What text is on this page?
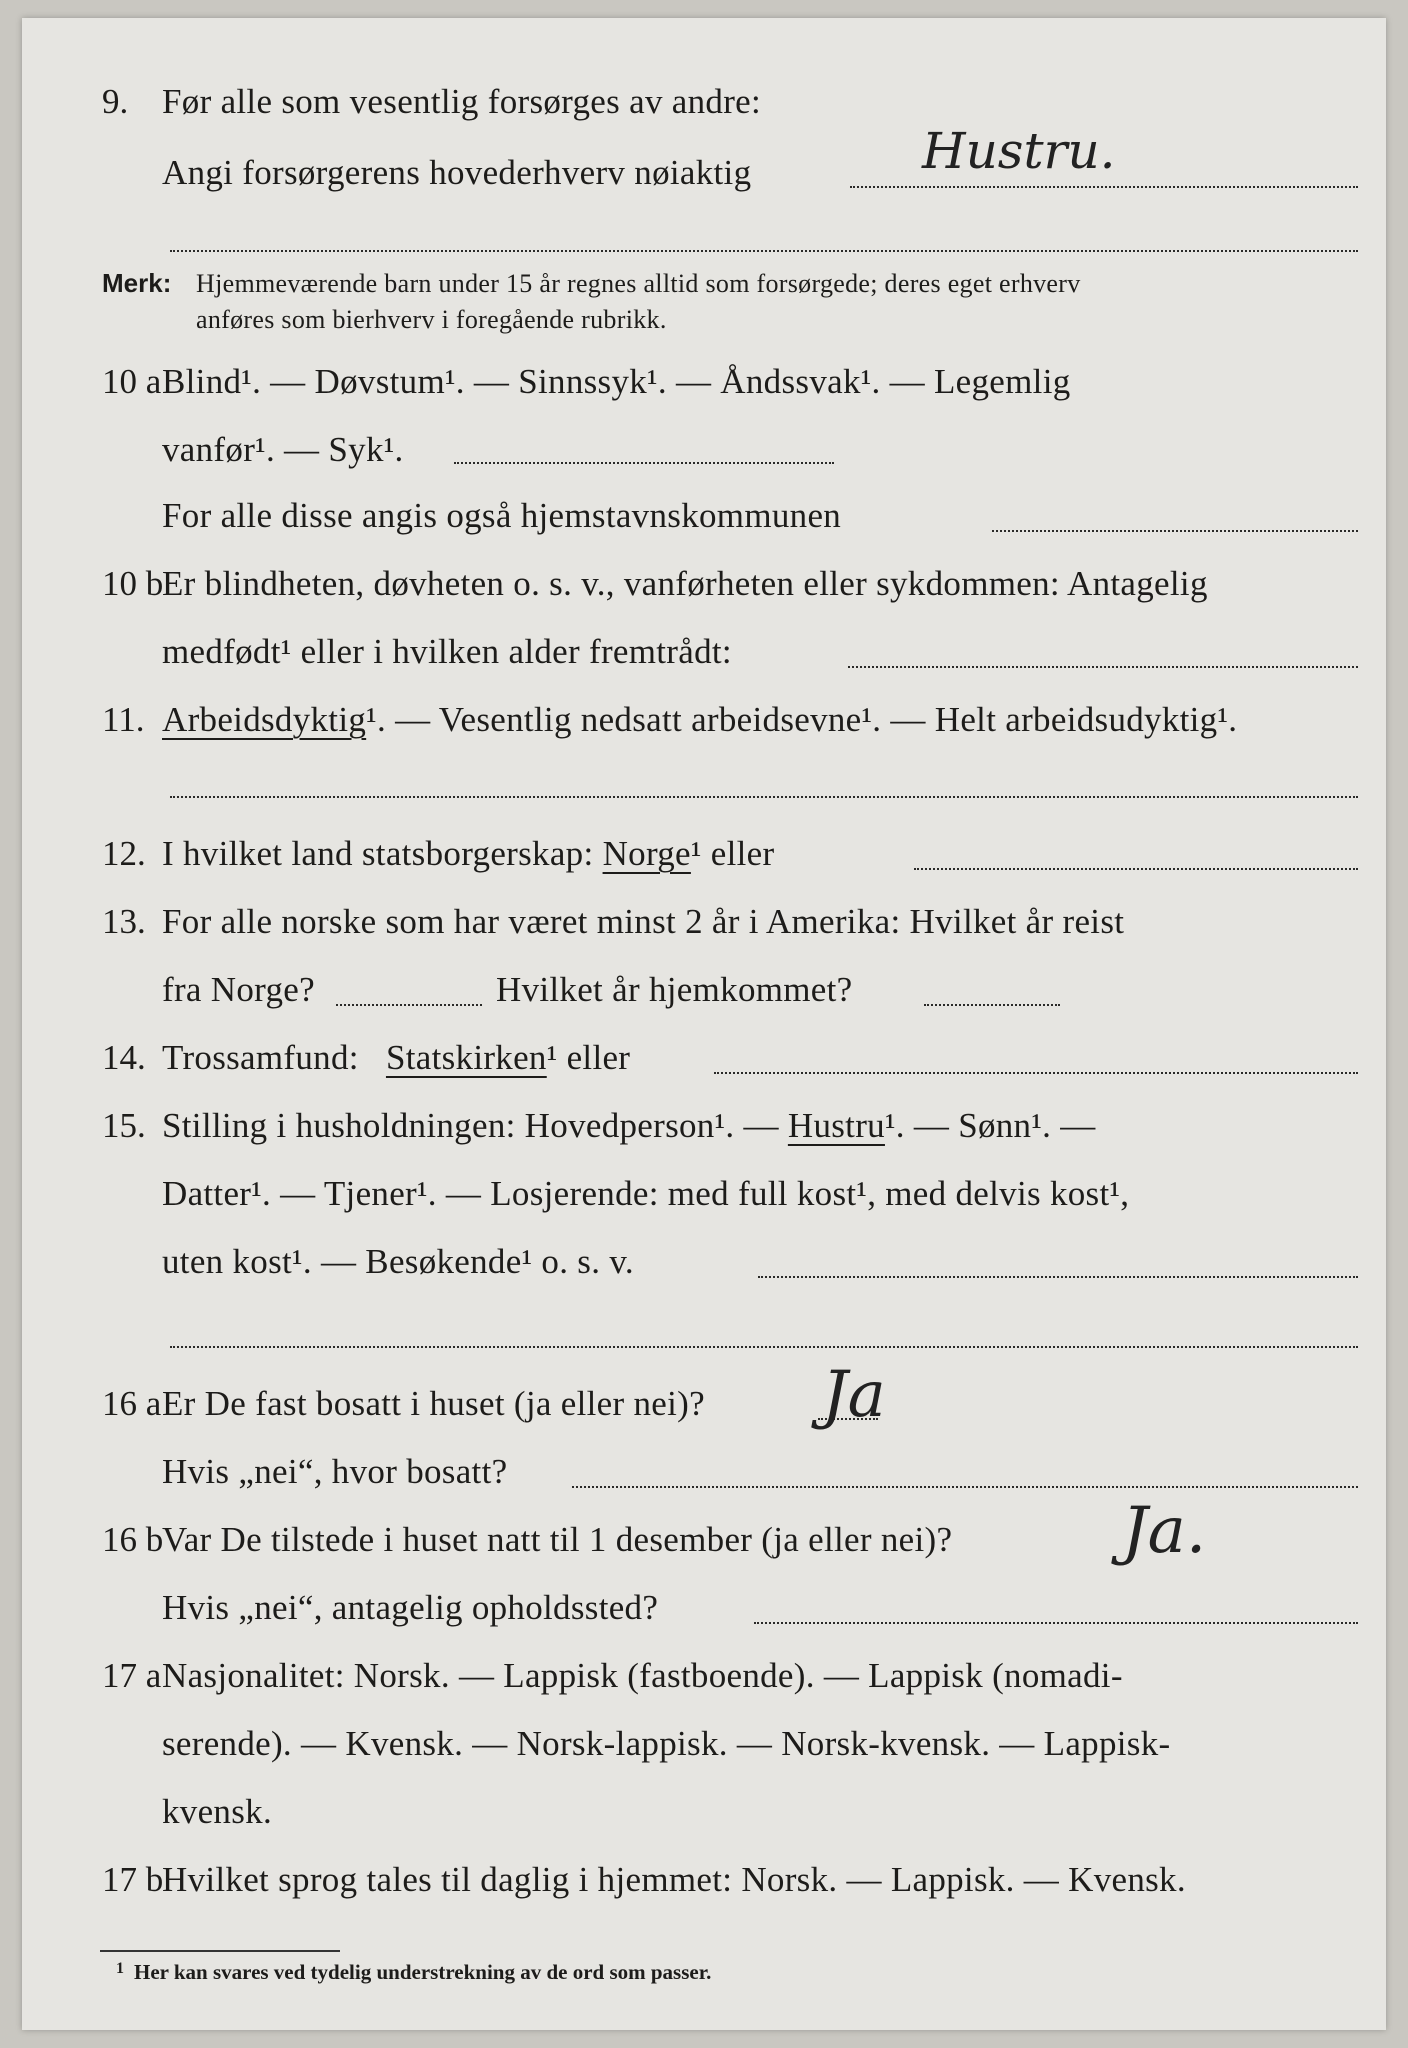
9. Før alle som vesentlig forsørges av andre:
Angi forsørgerens hovederhverv nøiaktig	Hustru.
Merk: Hjemmeværende barn under 15 år regnes alltid som forsørgede; deres eget erhverv
anføres som bierhverv i foregående rubrikk.
10 a Blind¹. — Døvstum¹. — Sinnssyk¹. — Åndssvak¹. — Legemlig
vanfør¹. — Syk¹.
For alle disse angis også hjemstavnskommunen
10 b
Er blindheten, døvheten o. s. v., vanførheten eller sykdommen: Antagelig
medfødt¹ eller i hvilken alder fremtrådt:
11. Arbeidsdyktig¹. — Vesentlig nedsatt arbeidsevne¹. — Helt arbeidsudyktig¹.
12. I hvilket land statsborgerskap: Norge¹ eller
13. For alle norske som har været minst 2 år i Amerika: Hvilket år reist
fra Norge?	Hvilket år hjemkommet?
14. Trossamfund: Statskirken¹ eller
15. Stilling i husholdningen: Hovedperson¹. — Hustru¹. — Sønn¹. —
Datter¹. — Tjener¹. — Losjerende: med full kost¹, med delvis kost¹,
uten kost¹. — Besøkende¹ o. s. v.
16 a Er De fast bosatt i huset (ja eller nei)? Ja
Hvis „nei“, hvor bosatt?
16 b
Var De tilstede i huset natt til 1 desember (ja eller nei)?	Ja.
Hvis „nei“, antagelig opholdssted?
17 a Nasjonalitet: Norsk. — Lappisk (fastboende). — Lappisk (nomadi-
serende). — Kvensk. — Norsk-lappisk. — Norsk-kvensk. — Lappisk-
kvensk.
17 b
Hvilket sprog tales til daglig i hjemmet: Norsk. — Lappisk. — Kvensk.
1 Her kan svares ved tydelig understrekning av de ord som passer.
